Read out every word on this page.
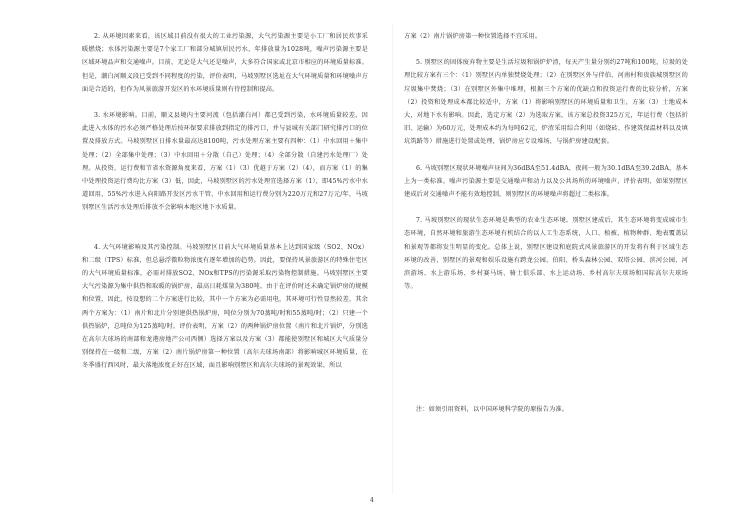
2. 从环境因素来看，该区域目前没有很大的工业污染源，大气污染源主要是小工厂和居民炊事采暖燃烧；水体污染源主要是7个家工厂和部分城镇居民污水，年排放量为1028吨，噪声污染源主要是区域环境品声和交通噪声。目前，无论是大气还是噪声，大多符合国家或北京市相应的环境质量标准。但是，潮白河顺义段已受到不同程度的污染，评价表明，马坡别墅区选址在大气环境质量和环境噪声方面是合适的，但作为风景旅游开发区的水环境质量则有待控制和提高。

3. 水环境影响。目前，顺义县境内主要河流（包括潮白河）都已受到污染，水环境质量较差，因此进入水体的污水必须严格处理后按环保要求排放到指定的排污口，并与县城有关部门研究排污口的位置及排放方式。马坡别墅区日排水量最高达8100吨，污水处理方案主要有四种：（1）中水回用＋集中处理；（2）全部集中处理；（3）中水回用＋分散（自己）处理；（4）全部分散（自建污水处理厂）处理。从投资、运行费和节省水资源角度来看，方案（1）（3）优越于方案（2）（4），而方案（1）的集中处理投资运行费均比方案（3）低，因此，马坡别墅区的污水处理宜选择方案（1），即45%污水中水道回用，55%污水进入向阳路开发区污水干管，中水回用和运行费分别为220万元和27万元/年，马坡别墅区生活污水处理后排放不会影响本地区地下水质量。

4. 大气环境影响及其污染控制。马坡别墅区目前大气环境质量基本上达到国家级（SO2、NOx）和二级（TPS）标准，但总悬浮微粒物浓度有逐年增加的趋势。因此，要保持风景旅游区的特殊住宅区的大气环境质量标准，必需对排放SO2、NOx和TPS的污染源采取污染物控制措施。马坡别墅区主要大气污染源为集中供热和取暖的锅炉房，最高日耗煤量为380吨。由于在评价时还未确定锅炉房的规模和位置，因此，按设想的二个方案进行比较，其中一个方案为必需用电，其环境可行性显然较差，其余两个方案为：（1）南片和北片分别建供热锅炉房，吨位分别为70蒸吨/时和55蒸吨/时；（2）只建一个供热锅炉，总吨位为125蒸吨/时。评价表明，方案（2）的两种锅炉房位置（南片和北片锅炉，分别选在高尔夫球场的南部和龙港房地产公司西侧）选择方案以及方案（3）都能使别墅区和城区大气质量分别保持在一级和二级，方案（2）南片锅炉房第一种位置（高尔夫球场南部）将影响城区环境质量，在冬季盛行西风时，最大落地浓度正好在区域，面且影响别墅区和高尔夫球场的景观效果，所以

方案（2）南片锅炉房第一种位置选择不宜采用。

5. 别墅区的固体废弃物主要是生活垃圾和锅炉炉渣，每天产生量分别约27吨和100吨，垃圾的处理比较方案有三个：（1）别墅区内单独焚烧处理；（2）在别墅区外与伴伯、河南村和贵族城别墅区的垃圾集中焚烧；（3）在别墅区外集中堆埋，根据三个方案的优缺点和投资运行费的比较分析，方案（2）投资和处理成本都比较适中，方案（1）将影响别墅区的环境质量和卫生，方案（3）土地成本大，对地下水有影响。因此，选定方案（2）为选取方案，该方案总投资325万元，年运行费（包括折旧、运输）为60万元，处理成本约为每吨62元，炉渣采用综合利用（如烧砖、作建筑保温材料以及填坑筑路等）措施进行处置或处理，锅炉房应专设堆场，与锅炉房建设配套。

6. 马坡别墅区现状环境噪声昼间为36dBA至51.4dBA，夜间一般为30.1dBA至39.2dBA，基本上为一类标准。噪声污染源主要是交通噪声和动力以及公共场所的环境噪声，评价表明，如果别墅区建成后对交通噪声不能有效地控制，则别墅区的环境噪声将超过二类标准。

7. 马坡别墅区的现状生态环境是典型的农业生态环境。别墅区建成后，其生态环境将变成城市生态环境，自然环境和旅游生态环境有机结合的以人工生态系统，人口、植被、植物种群、地表覆盖层和景观等都将发生明显的变化。总体上说，别墅区建设和庭院式风景旅游区的开发将有利于区域生态环境的改善，别墅区的景观和娱乐设施有跨龙公园、伯阳、桥头森林公园、双塔公园、滨河公园、河滨游场、水上游乐场、乡村赛马场、骑士俱乐部、水上运动场、乡村高尔夫球场和国际高尔夫球场等。

注：如须引用资料，以中国环境科学院的原报告为准。

4
